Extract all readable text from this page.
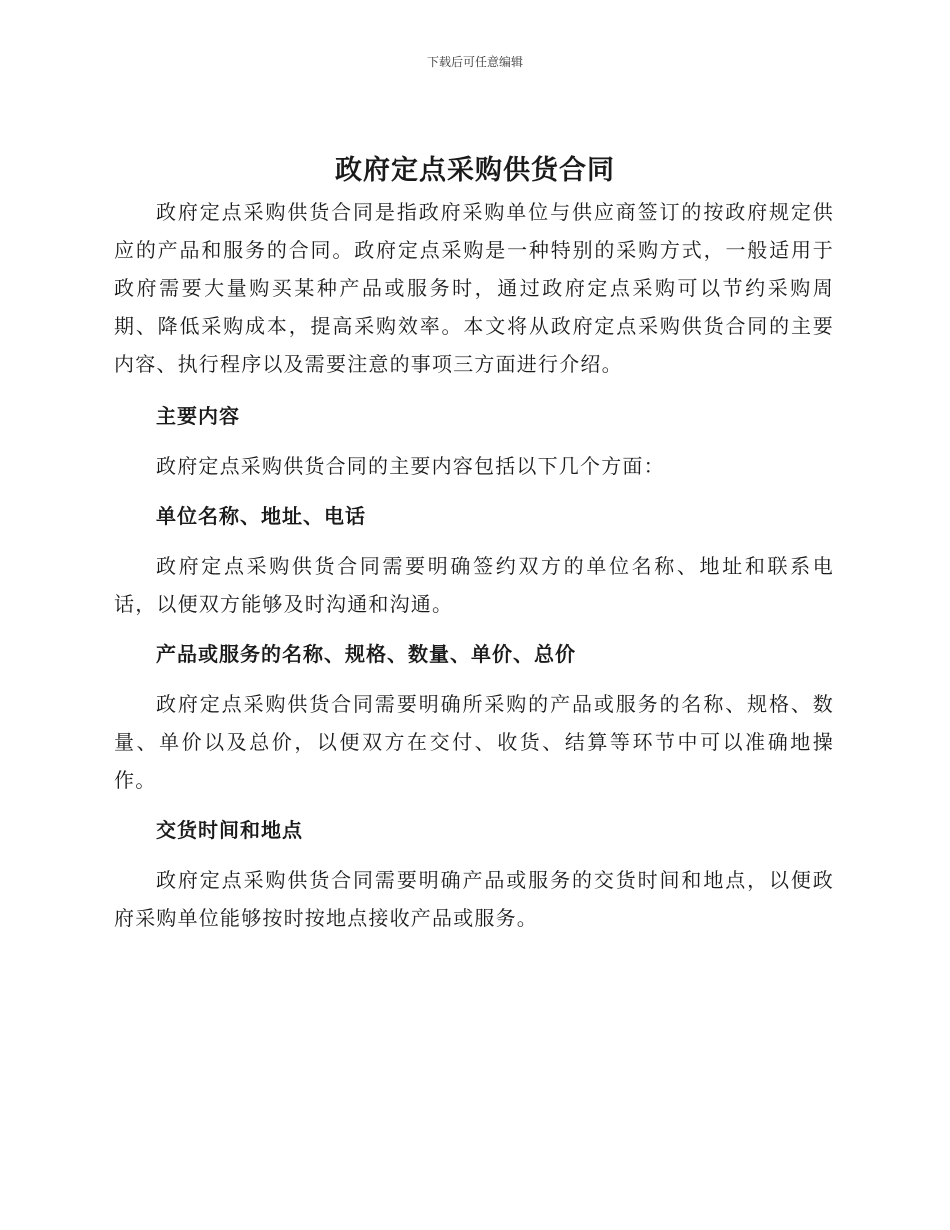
下载后可任意编辑
政府定点采购供货合同

政府定点采购供货合同是指政府采购单位与供应商签订的按政府规定供应的产品和服务的合同。政府定点采购是一种特别的采购方式，一般适用于政府需要大量购买某种产品或服务时，通过政府定点采购可以节约采购周期、降低采购成本，提高采购效率。本文将从政府定点采购供货合同的主要内容、执行程序以及需要注意的事项三方面进行介绍。

主要内容

政府定点采购供货合同的主要内容包括以下几个方面：

单位名称、地址、电话

政府定点采购供货合同需要明确签约双方的单位名称、地址和联系电话，以便双方能够及时沟通和沟通。

产品或服务的名称、规格、数量、单价、总价

政府定点采购供货合同需要明确所采购的产品或服务的名称、规格、数量、单价以及总价，以便双方在交付、收货、结算等环节中可以准确地操作。

交货时间和地点

政府定点采购供货合同需要明确产品或服务的交货时间和地点，以便政府采购单位能够按时按地点接收产品或服务。
